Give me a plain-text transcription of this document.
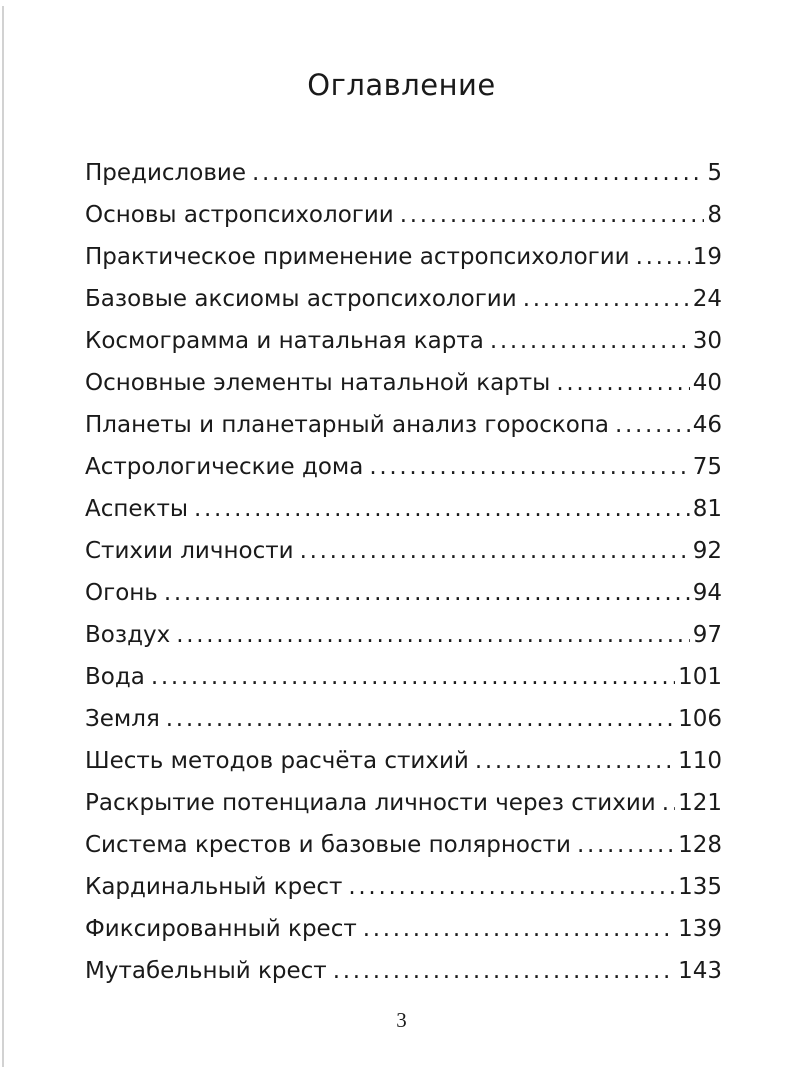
Оглавление
Предисловие .....	5
Основы астропсихологии .....	8
Практическое применение астропсихологии .....	19
Базовые аксиомы астропсихологии .....	24
Космограмма и натальная карта .....	30
Основные элементы натальной карты .....	40
Планеты и планетарный анализ гороскопа .....	46
Астрологические дома .....	75
Аспекты .....	81
Стихии личности .....	92
Огонь .....	94
Воздух .....	97
Вода .....	101
Земля .....	106
Шесть методов расчёта стихий .....	110
Раскрытие потенциала личности через стихии ..... 121
Система крестов и базовые полярности .....	128
Кардинальный крест .....	135
Фиксированный крест .....	139
Мутабельный крест .....	143
3
